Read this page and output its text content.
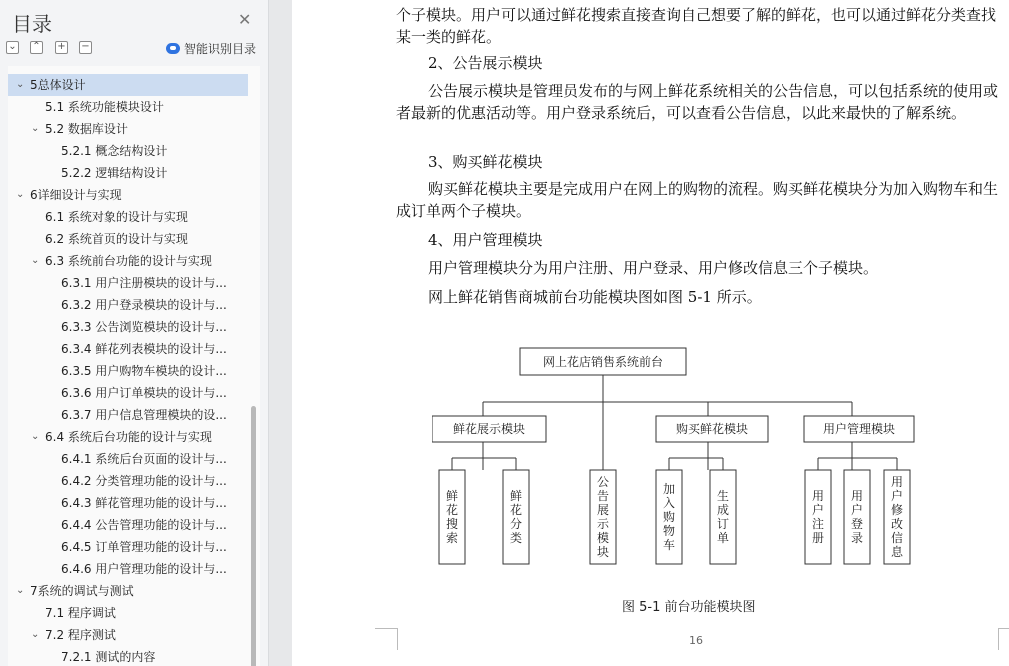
目录	✕
⌄ ⌃ + −	智能识别目录
⌄ 5总体设计
5.1 系统功能模块设计
⌄ 5.2 数据库设计
5.2.1 概念结构设计
5.2.2 逻辑结构设计
⌄ 6详细设计与实现
6.1 系统对象的设计与实现
6.2 系统首页的设计与实现
⌄ 6.3 系统前台功能的设计与实现
6.3.1 用户注册模块的设计与...
6.3.2 用户登录模块的设计与...
6.3.3 公告浏览模块的设计与...
6.3.4 鲜花列表模块的设计与...
6.3.5 用户购物车模块的设计...
6.3.6 用户订单模块的设计与...
6.3.7 用户信息管理模块的设...
⌄ 6.4 系统后台功能的设计与实现
6.4.1 系统后台页面的设计与...
6.4.2 分类管理功能的设计与...
6.4.3 鲜花管理功能的设计与...
6.4.4 公告管理功能的设计与...
6.4.5 订单管理功能的设计与...
6.4.6 用户管理功能的设计与...
⌄ 7系统的调试与测试
7.1 程序调试
⌄ 7.2 程序测试
7.2.1 测试的内容
个子模块。用户可以通过鲜花搜索直接查询自己想要了解的鲜花，也可以通过鲜花分类查找某一类的鲜花。
2、公告展示模块
公告展示模块是管理员发布的与网上鲜花系统相关的公告信息，可以包括系统的使用或者最新的优惠活动等。用户登录系统后，可以查看公告信息，以此来最快的了解系统。
3、购买鲜花模块
购买鲜花模块主要是完成用户在网上的购物的流程。购买鲜花模块分为加入购物车和生成订单两个子模块。
4、用户管理模块
用户管理模块分为用户注册、用户登录、用户修改信息三个子模块。
网上鲜花销售商城前台功能模块图如图 5-1 所示。
网上花店销售系统前台
鲜花展示模块	购买鲜花模块	用户管理模块
鲜花搜索
鲜花分类
公告展示模块
加入购物车
生成订单
用户注册
用户登录
用户修改信息
图 5-1 前台功能模块图
16
